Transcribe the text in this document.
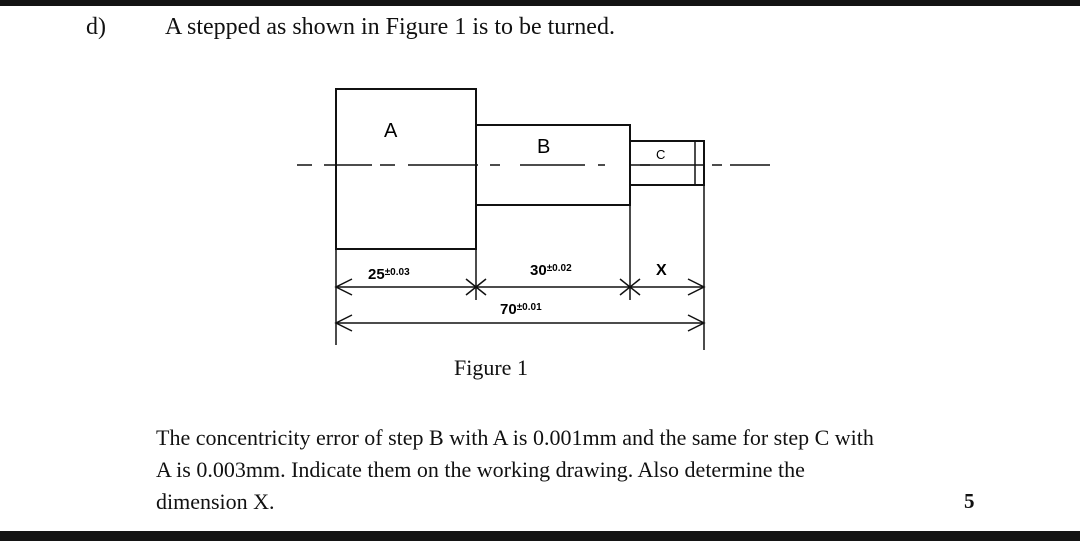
d) A stepped as shown in Figure 1 is to be turned.
A
B	C
$25^{\pm 0.03}$	$30^{\pm 0.02}$
$70^{\pm 0.01}$
X
Figure 1
The concentricity error of step B with A is 0.001mm and the same for step C with
A is 0.003mm. Indicate them on the working drawing. Also determine the
dimension X.	5
